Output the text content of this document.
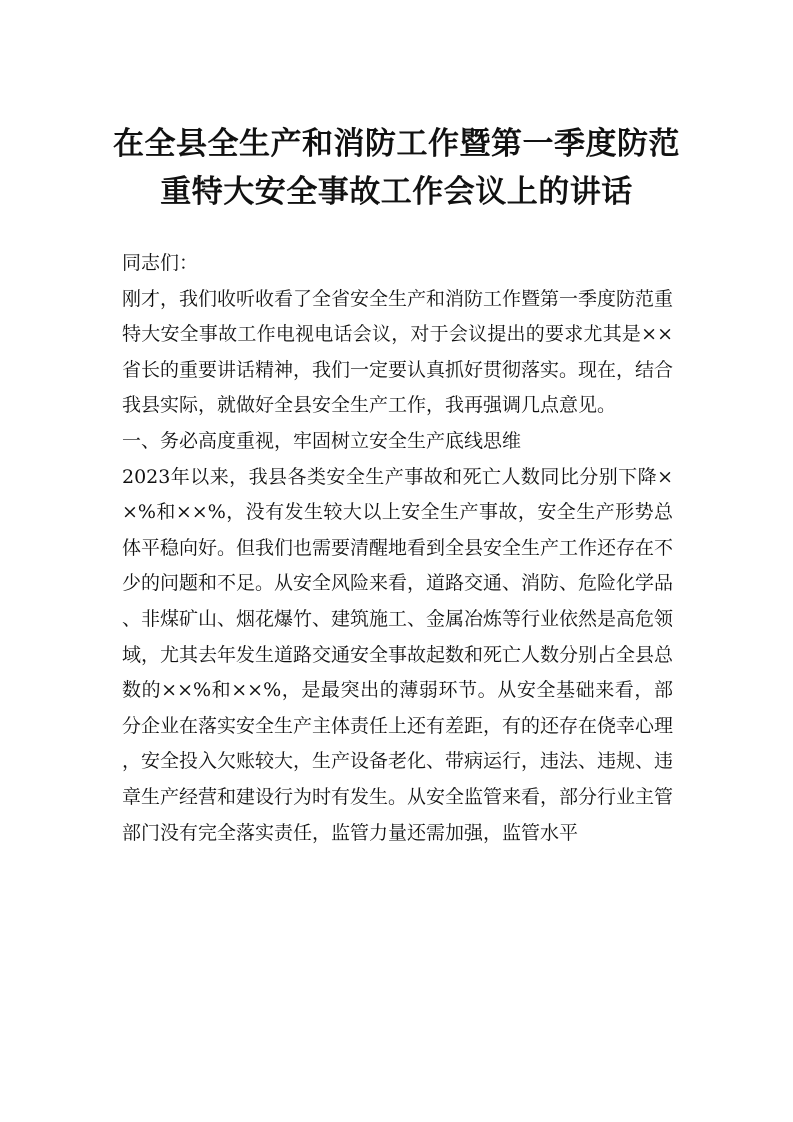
在全县全生产和消防工作暨第一季度防范
重特大安全事故工作会议上的讲话

同志们：

刚才，我们收听收看了全省安全生产和消防工作暨第一季度防范重特大安全事故工作电视电话会议，对于会议提出的要求尤其是××省长的重要讲话精神，我们一定要认真抓好贯彻落实。现在，结合我县实际，就做好全县安全生产工作，我再强调几点意见。

一、务必高度重视，牢固树立安全生产底线思维

2023年以来，我县各类安全生产事故和死亡人数同比分别下降××%和××%，没有发生较大以上安全生产事故，安全生产形势总体平稳向好。但我们也需要清醒地看到全县安全生产工作还存在不少的问题和不足。从安全风险来看，道路交通、消防、危险化学品、非煤矿山、烟花爆竹、建筑施工、金属冶炼等行业依然是高危领域，尤其去年发生道路交通安全事故起数和死亡人数分别占全县总数的××%和××%，是最突出的薄弱环节。从安全基础来看，部分企业在落实安全生产主体责任上还有差距，有的还存在侥幸心理，安全投入欠账较大，生产设备老化、带病运行，违法、违规、违章生产经营和建设行为时有发生。从安全监管来看，部分行业主管部门没有完全落实责任，监管力量还需加强，监管水平
